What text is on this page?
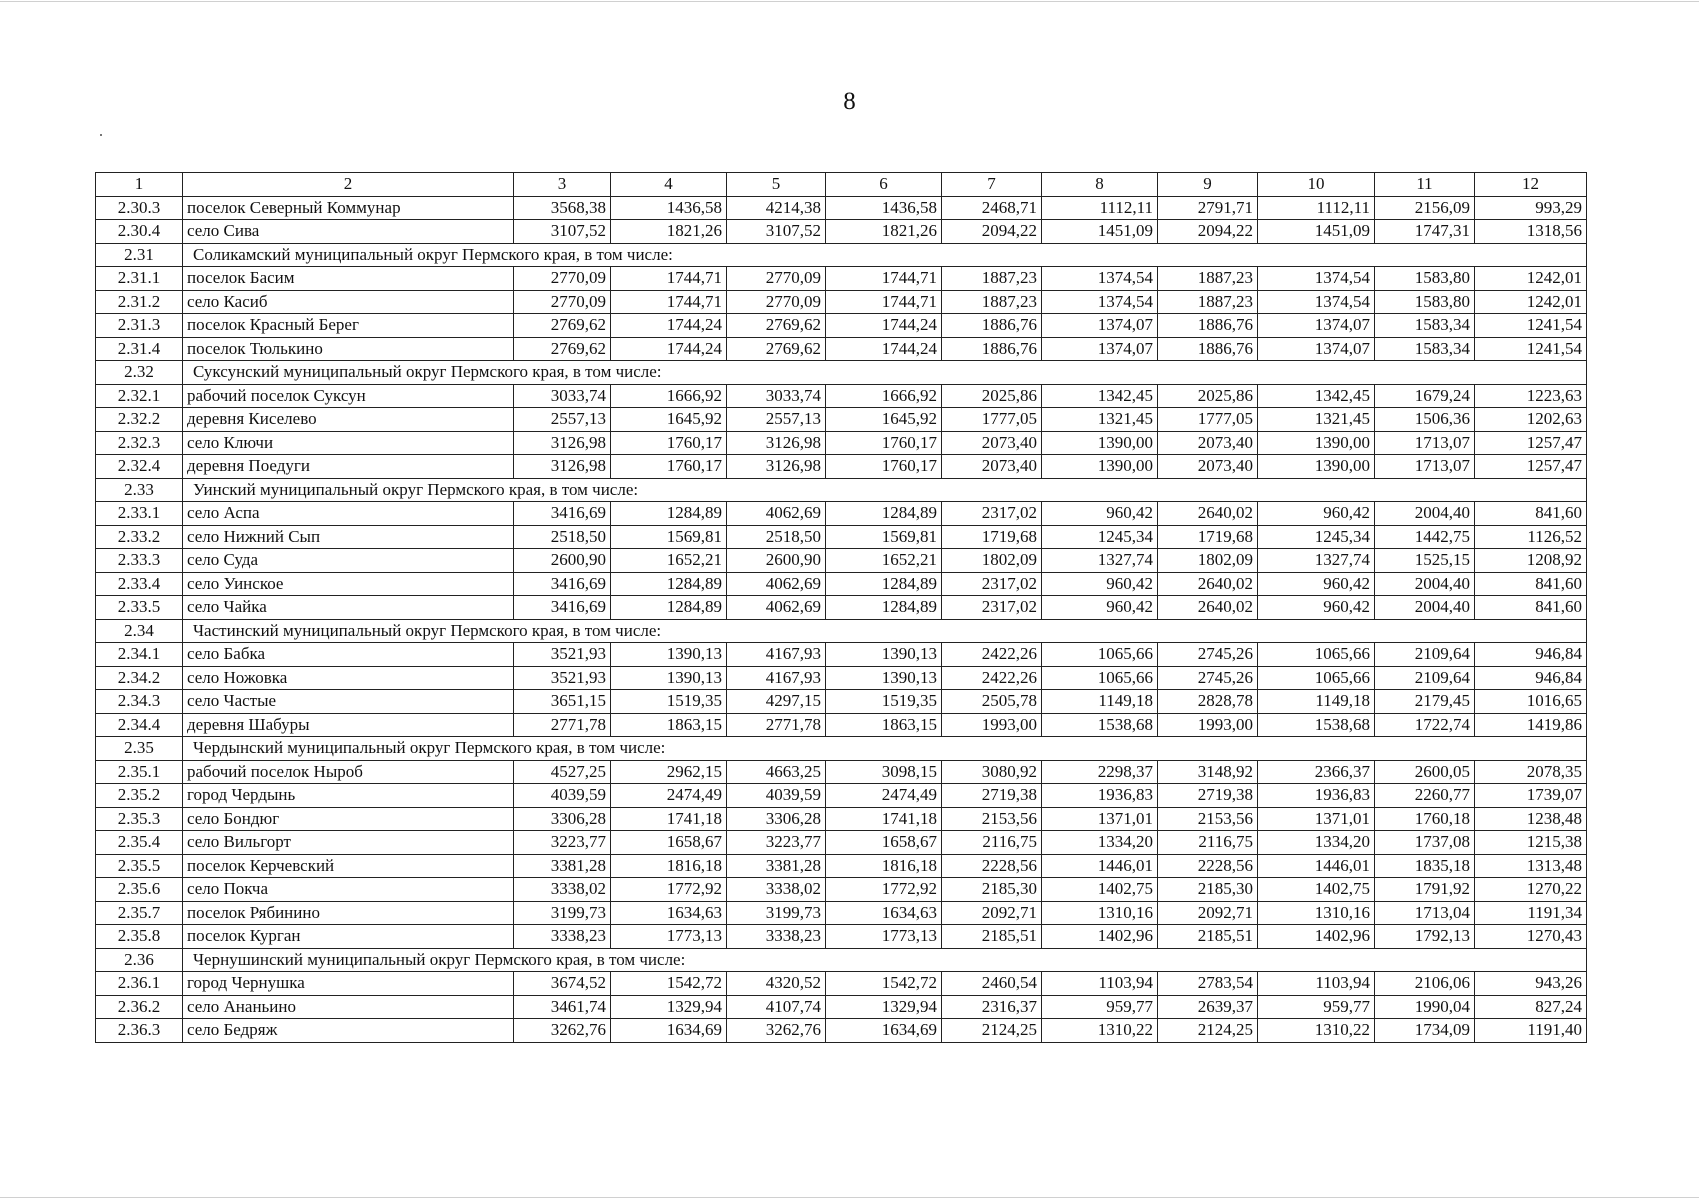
8
1	2	3	4	5	6	7	8	9	10	11	12
2.30.3	поселок Северный Коммунар	3568,38	1436,58	4214,38	1436,58	2468,71	1112,11	2791,71	1112,11	2156,09	993,29
2.30.4	село Сива	3107,52	1821,26	3107,52	1821,26	2094,22	1451,09	2094,22	1451,09	1747,31	1318,56
2.31	Соликамский муниципальный округ Пермского края, в том числе:										
2.31.1	поселок Басим	2770,09	1744,71	2770,09	1744,71	1887,23	1374,54	1887,23	1374,54	1583,80	1242,01
2.31.2	село Касиб	2770,09	1744,71	2770,09	1744,71	1887,23	1374,54	1887,23	1374,54	1583,80	1242,01
2.31.3	поселок Красный Берег	2769,62	1744,24	2769,62	1744,24	1886,76	1374,07	1886,76	1374,07	1583,34	1241,54
2.31.4	поселок Тюлькино	2769,62	1744,24	2769,62	1744,24	1886,76	1374,07	1886,76	1374,07	1583,34	1241,54
2.32	Суксунский муниципальный округ Пермского края, в том числе:										
2.32.1	рабочий поселок Суксун	3033,74	1666,92	3033,74	1666,92	2025,86	1342,45	2025,86	1342,45	1679,24	1223,63
2.32.2	деревня Киселево	2557,13	1645,92	2557,13	1645,92	1777,05	1321,45	1777,05	1321,45	1506,36	1202,63
2.32.3	село Ключи	3126,98	1760,17	3126,98	1760,17	2073,40	1390,00	2073,40	1390,00	1713,07	1257,47
2.32.4	деревня Поедуги	3126,98	1760,17	3126,98	1760,17	2073,40	1390,00	2073,40	1390,00	1713,07	1257,47
2.33	Уинский муниципальный округ Пермского края, в том числе:										
2.33.1	село Аспа	3416,69	1284,89	4062,69	1284,89	2317,02	960,42	2640,02	960,42	2004,40	841,60
2.33.2	село Нижний Сып	2518,50	1569,81	2518,50	1569,81	1719,68	1245,34	1719,68	1245,34	1442,75	1126,52
2.33.3	село Суда	2600,90	1652,21	2600,90	1652,21	1802,09	1327,74	1802,09	1327,74	1525,15	1208,92
2.33.4	село Уинское	3416,69	1284,89	4062,69	1284,89	2317,02	960,42	2640,02	960,42	2004,40	841,60
2.33.5	село Чайка	3416,69	1284,89	4062,69	1284,89	2317,02	960,42	2640,02	960,42	2004,40	841,60
2.34	Частинский муниципальный округ Пермского края, в том числе:										
2.34.1	село Бабка	3521,93	1390,13	4167,93	1390,13	2422,26	1065,66	2745,26	1065,66	2109,64	946,84
2.34.2	село Ножовка	3521,93	1390,13	4167,93	1390,13	2422,26	1065,66	2745,26	1065,66	2109,64	946,84
2.34.3	село Частые	3651,15	1519,35	4297,15	1519,35	2505,78	1149,18	2828,78	1149,18	2179,45	1016,65
2.34.4	деревня Шабуры	2771,78	1863,15	2771,78	1863,15	1993,00	1538,68	1993,00	1538,68	1722,74	1419,86
2.35	Чердынский муниципальный округ Пермского края, в том числе:										
2.35.1	рабочий поселок Ныроб	4527,25	2962,15	4663,25	3098,15	3080,92	2298,37	3148,92	2366,37	2600,05	2078,35
2.35.2	город Чердынь	4039,59	2474,49	4039,59	2474,49	2719,38	1936,83	2719,38	1936,83	2260,77	1739,07
2.35.3	село Бондюг	3306,28	1741,18	3306,28	1741,18	2153,56	1371,01	2153,56	1371,01	1760,18	1238,48
2.35.4	село Вильгорт	3223,77	1658,67	3223,77	1658,67	2116,75	1334,20	2116,75	1334,20	1737,08	1215,38
2.35.5	поселок Керчевский	3381,28	1816,18	3381,28	1816,18	2228,56	1446,01	2228,56	1446,01	1835,18	1313,48
2.35.6	село Покча	3338,02	1772,92	3338,02	1772,92	2185,30	1402,75	2185,30	1402,75	1791,92	1270,22
2.35.7	поселок Рябинино	3199,73	1634,63	3199,73	1634,63	2092,71	1310,16	2092,71	1310,16	1713,04	1191,34
2.35.8	поселок Курган	3338,23	1773,13	3338,23	1773,13	2185,51	1402,96	2185,51	1402,96	1792,13	1270,43
2.36	Чернушинский муниципальный округ Пермского края, в том числе:										
2.36.1	город Чернушка	3674,52	1542,72	4320,52	1542,72	2460,54	1103,94	2783,54	1103,94	2106,06	943,26
2.36.2	село Ананьино	3461,74	1329,94	4107,74	1329,94	2316,37	959,77	2639,37	959,77	1990,04	827,24
2.36.3	село Бедряж	3262,76	1634,69	3262,76	1634,69	2124,25	1310,22	2124,25	1310,22	1734,09	1191,40
